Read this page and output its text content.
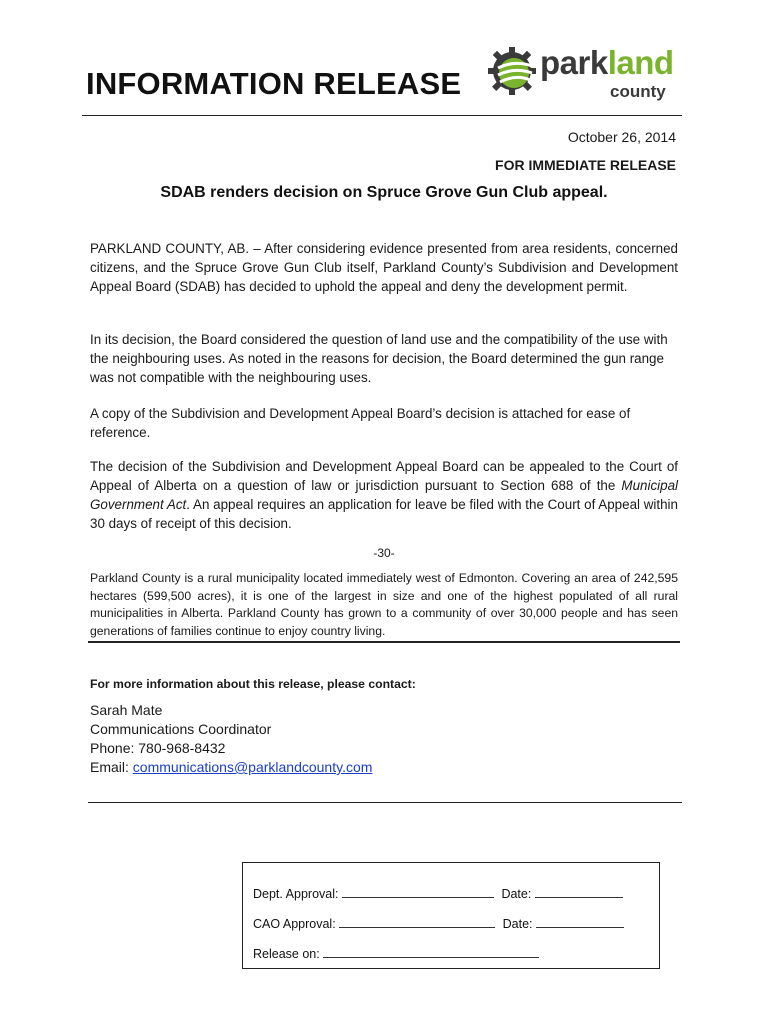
INFORMATION RELEASE
parkland
county
October 26, 2014
FOR IMMEDIATE RELEASE
SDAB renders decision on Spruce Grove Gun Club appeal.
PARKLAND COUNTY, AB. – After considering evidence presented from area residents, concerned citizens, and the Spruce Grove Gun Club itself, Parkland County’s Subdivision and Development Appeal Board (SDAB) has decided to uphold the appeal and deny the development permit.
In its decision, the Board considered the question of land use and the compatibility of the use with the neighbouring uses. As noted in the reasons for decision, the Board determined the gun range was not compatible with the neighbouring uses.
A copy of the Subdivision and Development Appeal Board’s decision is attached for ease of reference.
The decision of the Subdivision and Development Appeal Board can be appealed to the Court of Appeal of Alberta on a question of law or jurisdiction pursuant to Section 688 of the Municipal Government Act. An appeal requires an application for leave be filed with the Court of Appeal within 30 days of receipt of this decision.
-30-
Parkland County is a rural municipality located immediately west of Edmonton. Covering an area of 242,595 hectares (599,500 acres), it is one of the largest in size and one of the highest populated of all rural municipalities in Alberta. Parkland County has grown to a community of over 30,000 people and has seen generations of families continue to enjoy country living.
For more information about this release, please contact:
Sarah Mate
Communications Coordinator
Phone: 780-968-8432
Email: communications@parklandcounty.com
Dept. Approval:	Date:
CAO Approval:	Date:
Release on:
